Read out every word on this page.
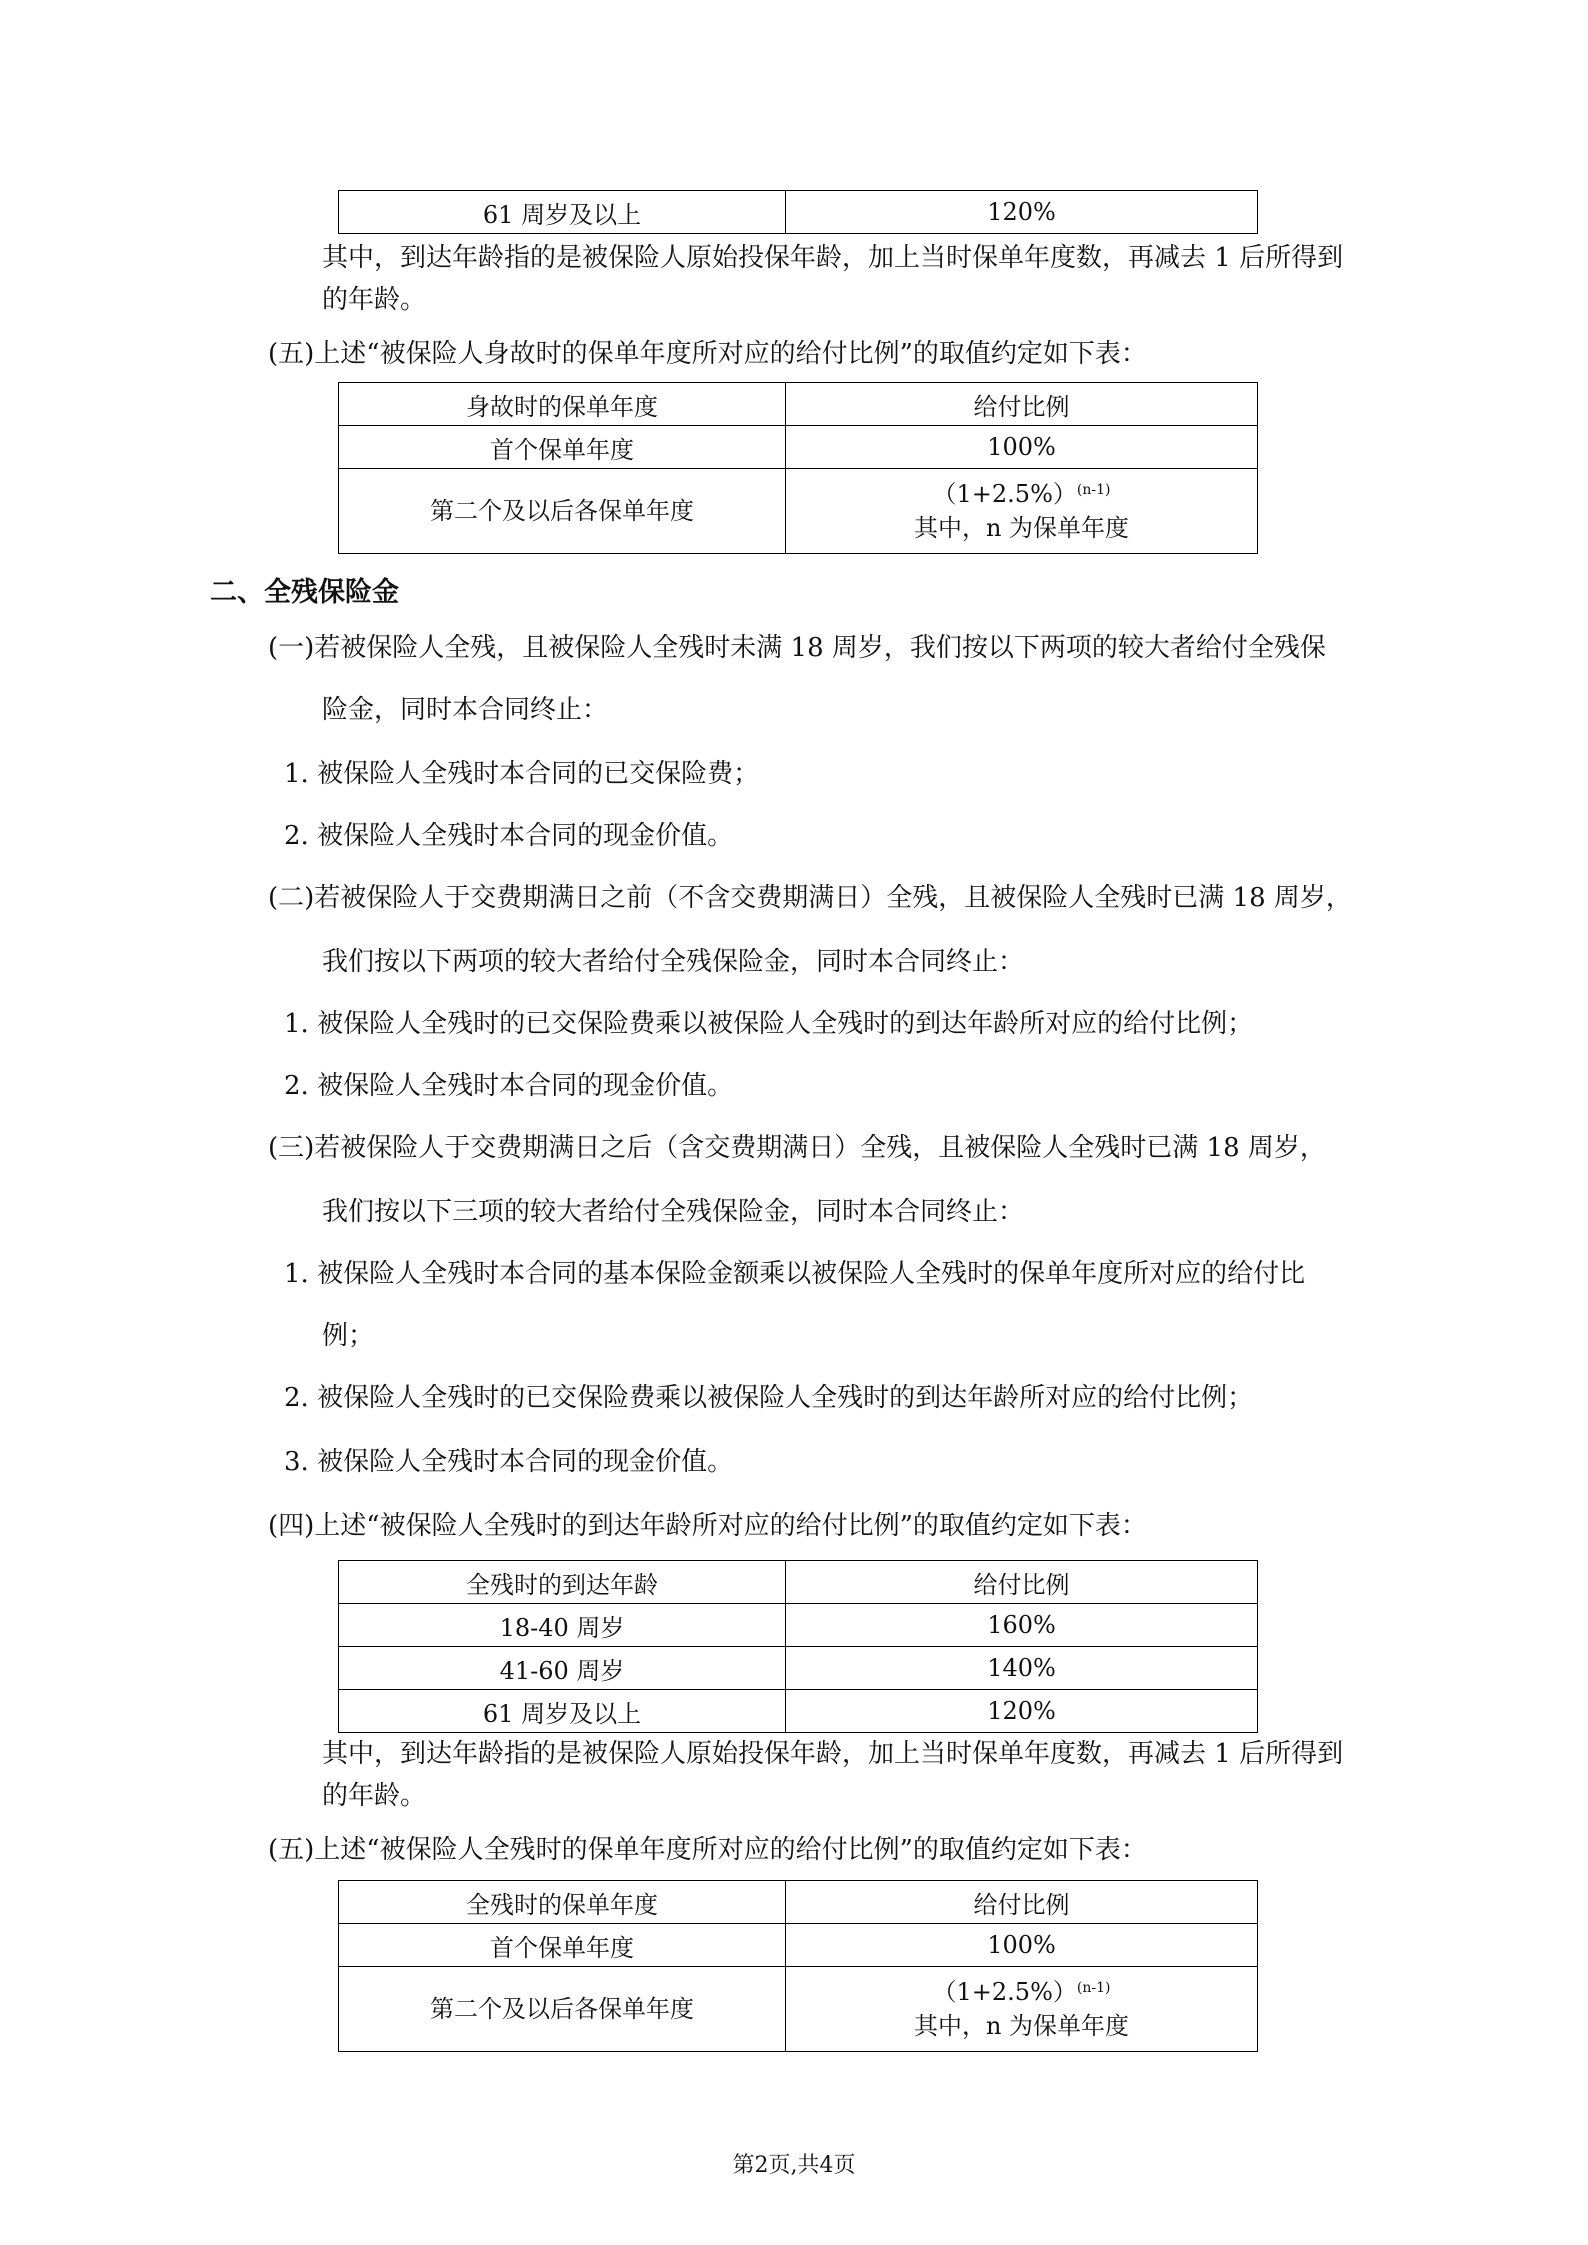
61 周岁及以上	120%
其中，到达年龄指的是被保险人原始投保年龄，加上当时保单年度数，再减去 1 后所得到
的年龄。
(五)上述“被保险人身故时的保单年度所对应的给付比例”的取值约定如下表：
身故时的保单年度	给付比例
首个保单年度	100%
第二个及以后各保单年度	$(1+2.5\%)^{(n-1)}$
其中，n 为保单年度
二、全残保险金
(一)若被保险人全残，且被保险人全残时未满 18 周岁，我们按以下两项的较大者给付全残保
险金，同时本合同终止：
1. 被保险人全残时本合同的已交保险费；
2. 被保险人全残时本合同的现金价值。
(二)若被保险人于交费期满日之前（不含交费期满日）全残，且被保险人全残时已满 18 周岁，
我们按以下两项的较大者给付全残保险金，同时本合同终止：
1. 被保险人全残时的已交保险费乘以被保险人全残时的到达年龄所对应的给付比例；
2. 被保险人全残时本合同的现金价值。
(三)若被保险人于交费期满日之后（含交费期满日）全残，且被保险人全残时已满 18 周岁，
我们按以下三项的较大者给付全残保险金，同时本合同终止：
1. 被保险人全残时本合同的基本保险金额乘以被保险人全残时的保单年度所对应的给付比
例；
2. 被保险人全残时的已交保险费乘以被保险人全残时的到达年龄所对应的给付比例；
3. 被保险人全残时本合同的现金价值。
(四)上述“被保险人全残时的到达年龄所对应的给付比例”的取值约定如下表：
全残时的到达年龄	给付比例
18-40 周岁	160%
41-60 周岁	140%
61 周岁及以上	120%
其中，到达年龄指的是被保险人原始投保年龄，加上当时保单年度数，再减去 1 后所得到
的年龄。
(五)上述“被保险人全残时的保单年度所对应的给付比例”的取值约定如下表：
全残时的保单年度	给付比例
首个保单年度	100%
第二个及以后各保单年度	$(1+2.5\%)^{(n-1)}$
其中，n 为保单年度
第2页,共4页
